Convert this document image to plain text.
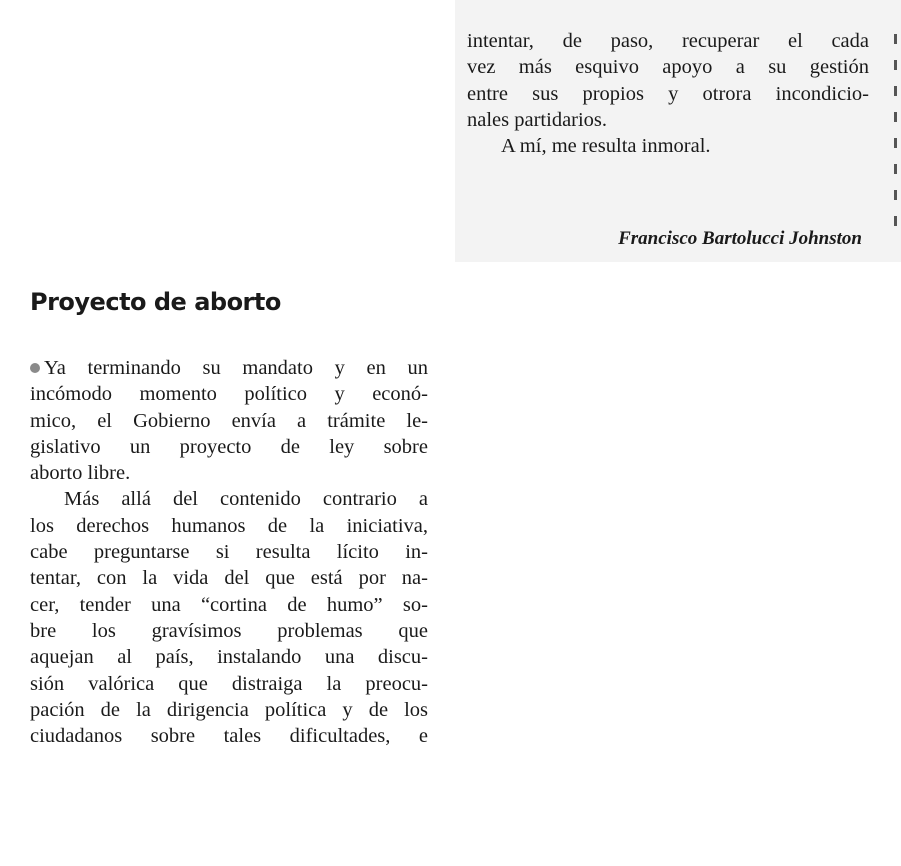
intentar, de paso, recuperar el cada
vez más esquivo apoyo a su gestión
entre sus propios y otrora incondicio-
nales partidarios.
A mí, me resulta inmoral.
Francisco Bartolucci Johnston
Proyecto de aborto
Ya terminando su mandato y en un
incómodo momento político y econó-
mico, el Gobierno envía a trámite le-
gislativo un proyecto de ley sobre
aborto libre.
Más allá del contenido contrario a
los derechos humanos de la iniciativa,
cabe preguntarse si resulta lícito in-
tentar, con la vida del que está por na-
cer, tender una “cortina de humo” so-
bre los gravísimos problemas que
aquejan al país, instalando una discu-
sión valórica que distraiga la preocu-
pación de la dirigencia política y de los
ciudadanos sobre tales dificultades, e
